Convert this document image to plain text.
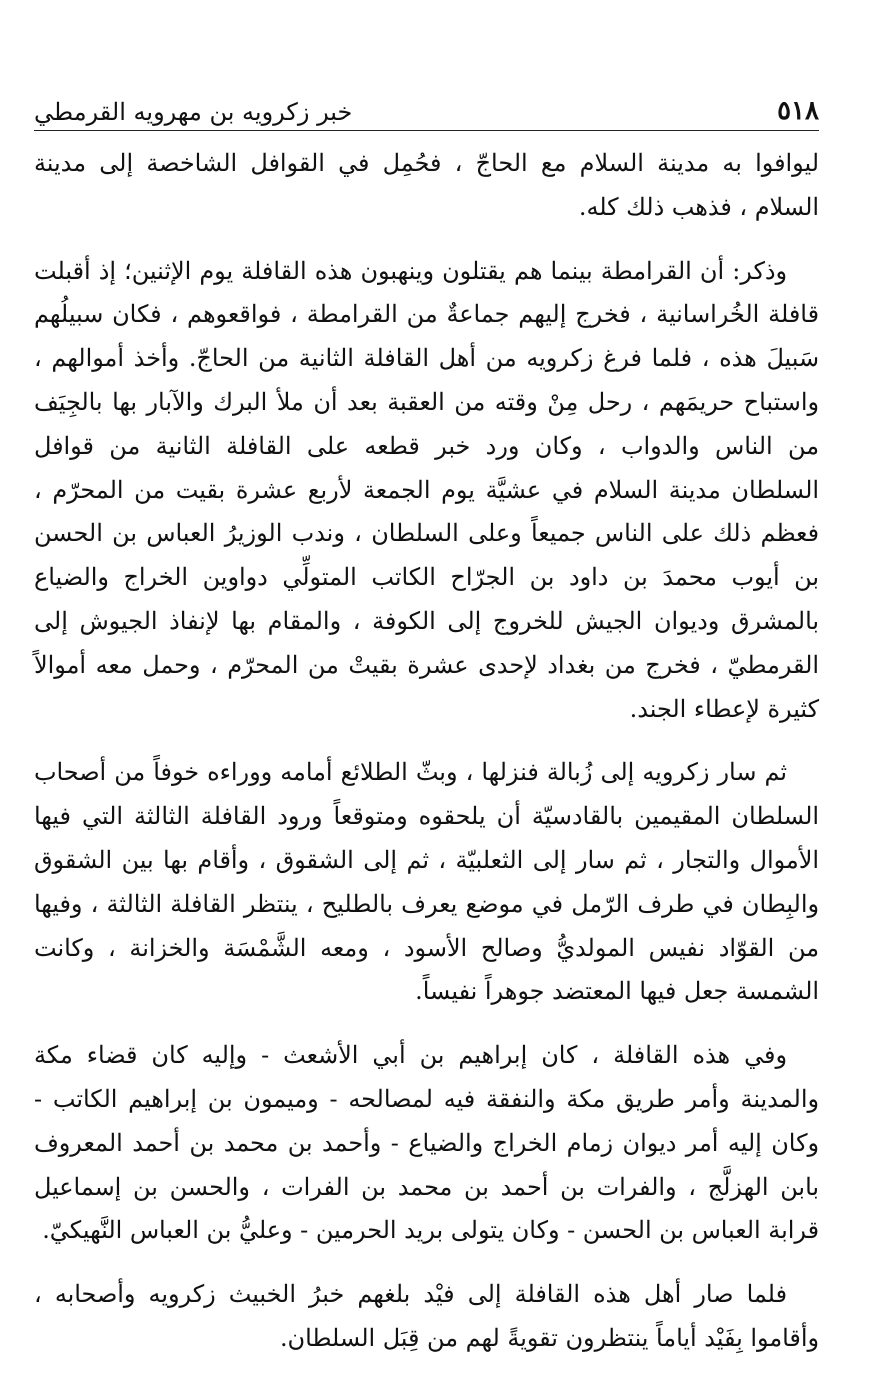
٥١٨
خبر زكرويه بن مهرويه القرمطي

ليوافوا به مدينة السلام مع الحاجّ ، فحُمِل في القوافل الشاخصة إلى مدينة السلام ، فذهب ذلك كله.

وذكر: أن القرامطة بينما هم يقتلون وينهبون هذه القافلة يوم الإثنين؛ إذ أقبلت قافلة الخُراسانية ، فخرج إليهم جماعةٌ من القرامطة ، فواقعوهم ، فكان سبيلُهم سَبيلَ هذه ، فلما فرغ زكرويه من أهل القافلة الثانية من الحاجّ. وأخذ أموالهم ، واستباح حريمَهم ، رحل مِنْ وقته من العقبة بعد أن ملأ البرك والآبار بها بالجِيَف من الناس والدواب ، وكان ورد خبر قطعه على القافلة الثانية من قوافل السلطان مدينة السلام في عشيَّة يوم الجمعة لأربع عشرة بقيت من المحرّم ، فعظم ذلك على الناس جميعاً وعلى السلطان ، وندب الوزيرُ العباس بن الحسن بن أيوب محمدَ بن داود بن الجرّاح الكاتب المتولِّي دواوين الخراج والضياع بالمشرق وديوان الجيش للخروج إلى الكوفة ، والمقام بها لإنفاذ الجيوش إلى القرمطيّ ، فخرج من بغداد لإحدى عشرة بقيتْ من المحرّم ، وحمل معه أموالاً كثيرة لإعطاء الجند.

ثم سار زكرويه إلى زُبالة فنزلها ، وبثّ الطلائع أمامه ووراءه خوفاً من أصحاب السلطان المقيمين بالقادسيّة أن يلحقوه ومتوقعاً ورود القافلة الثالثة التي فيها الأموال والتجار ، ثم سار إلى الثعلبيّة ، ثم إلى الشقوق ، وأقام بها بين الشقوق والبِطان في طرف الرّمل في موضع يعرف بالطليح ، ينتظر القافلة الثالثة ، وفيها من القوّاد نفيس المولديُّ وصالح الأسود ، ومعه الشَّمْسَة والخزانة ، وكانت الشمسة جعل فيها المعتضد جوهراً نفيساً.

وفي هذه القافلة ، كان إبراهيم بن أبي الأشعث - وإليه كان قضاء مكة والمدينة وأمر طريق مكة والنفقة فيه لمصالحه - وميمون بن إبراهيم الكاتب - وكان إليه أمر ديوان زمام الخراج والضياع - وأحمد بن محمد بن أحمد المعروف بابن الهزلَّج ، والفرات بن أحمد بن محمد بن الفرات ، والحسن بن إسماعيل قرابة العباس بن الحسن - وكان يتولى بريد الحرمين - وعليُّ بن العباس النَّهيكيّ.

فلما صار أهل هذه القافلة إلى فيْد بلغهم خبرُ الخبيث زكرويه وأصحابه ، وأقاموا بِفَيْد أياماً ينتظرون تقويةً لهم من قِبَل السلطان.
